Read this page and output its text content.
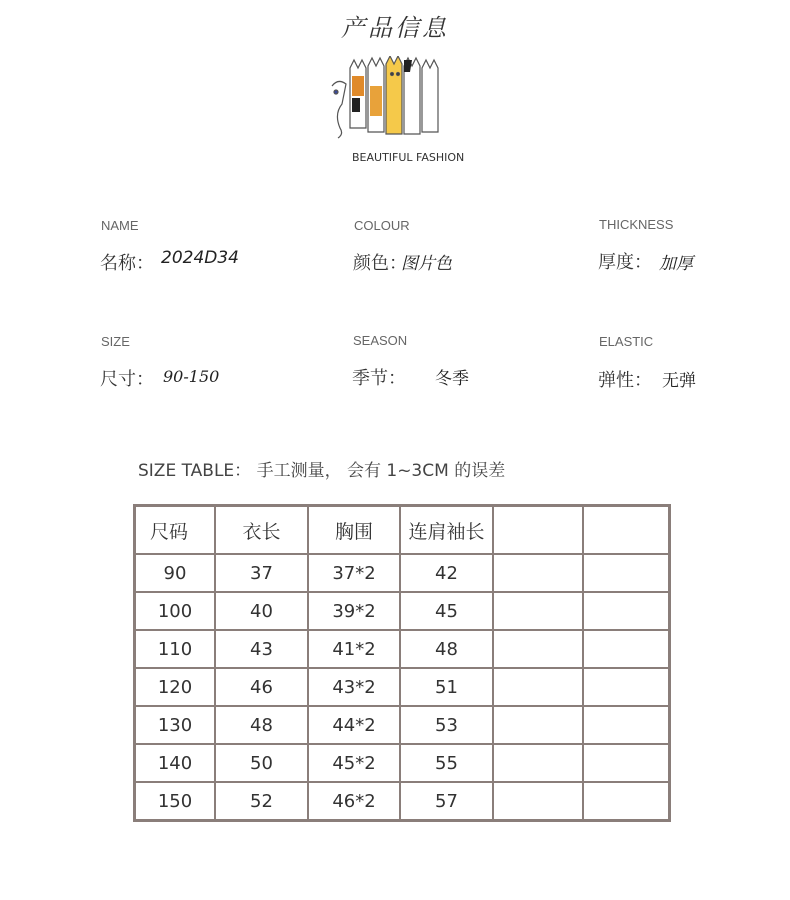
产品信息
BEAUTIFUL FASHION
NAME
名称： 2024D34
COLOUR
颜色：
图片色
THICKNESS
厚度： 加厚
SIZE
尺寸： 90-150
SEASON
季节： 冬季
ELASTIC
弹性： 无弹
SIZE TABLE： 手工测量， 会有 1~3CM 的误差
尺码	衣长	胸围	连肩袖长		
90	37	37*2	42		
100	40	39*2	45		
110	43	41*2	48		
120	46	43*2	51		
130	48	44*2	53		
140	50	45*2	55		
150	52	46*2	57		
